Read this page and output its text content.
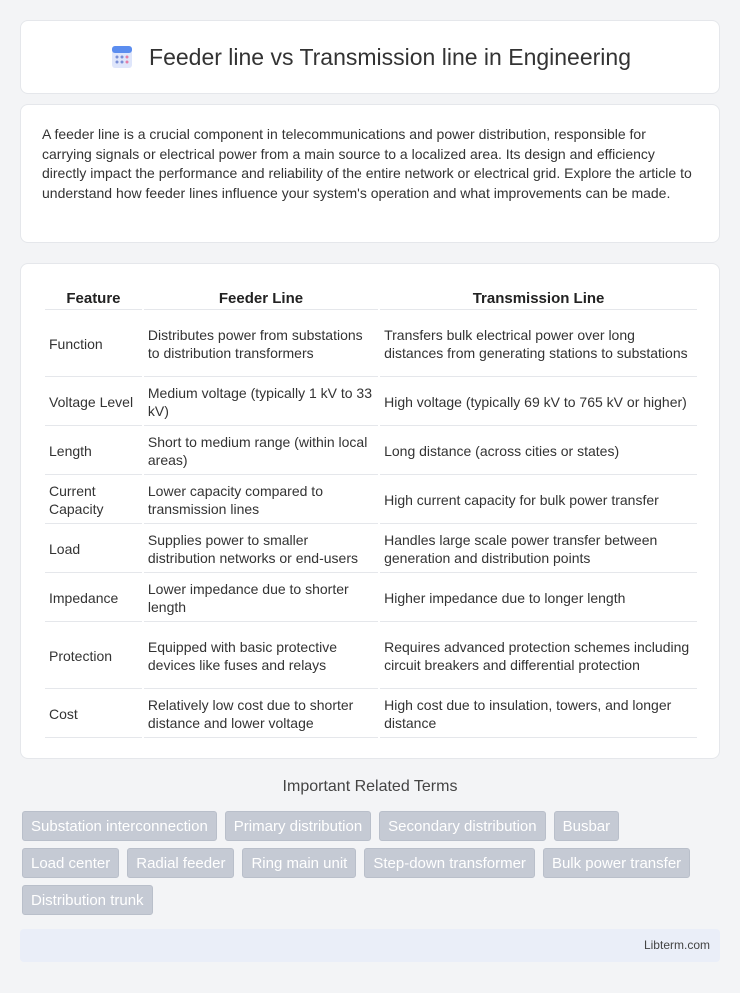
Feeder line vs Transmission line in Engineering

A feeder line is a crucial component in telecommunications and power distribution, responsible for carrying signals or electrical power from a main source to a localized area. Its design and efficiency directly impact the performance and reliability of the entire network or electrical grid. Explore the article to understand how feeder lines influence your system's operation and what improvements can be made.

Feature	Feeder Line	Transmission Line
Function	Distributes power from substations to distribution transformers	Transfers bulk electrical power over long distances from generating stations to substations
Voltage Level	Medium voltage (typically 1 kV to 33 kV)	High voltage (typically 69 kV to 765 kV or higher)
Length	Short to medium range (within local areas)	Long distance (across cities or states)
Current Capacity	Lower capacity compared to transmission lines	High current capacity for bulk power transfer
Load	Supplies power to smaller distribution networks or end-users	Handles large scale power transfer between generation and distribution points
Impedance	Lower impedance due to shorter length	Higher impedance due to longer length
Protection	Equipped with basic protective devices like fuses and relays	Requires advanced protection schemes including circuit breakers and differential protection
Cost	Relatively low cost due to shorter distance and lower voltage	High cost due to insulation, towers, and longer distance
Important Related Terms
Substation interconnection	Primary distribution	Secondary distribution	Busbar
Load center	Radial feeder	Ring main unit	Step-down transformer	Bulk power transfer
Distribution trunk
Libterm.com
